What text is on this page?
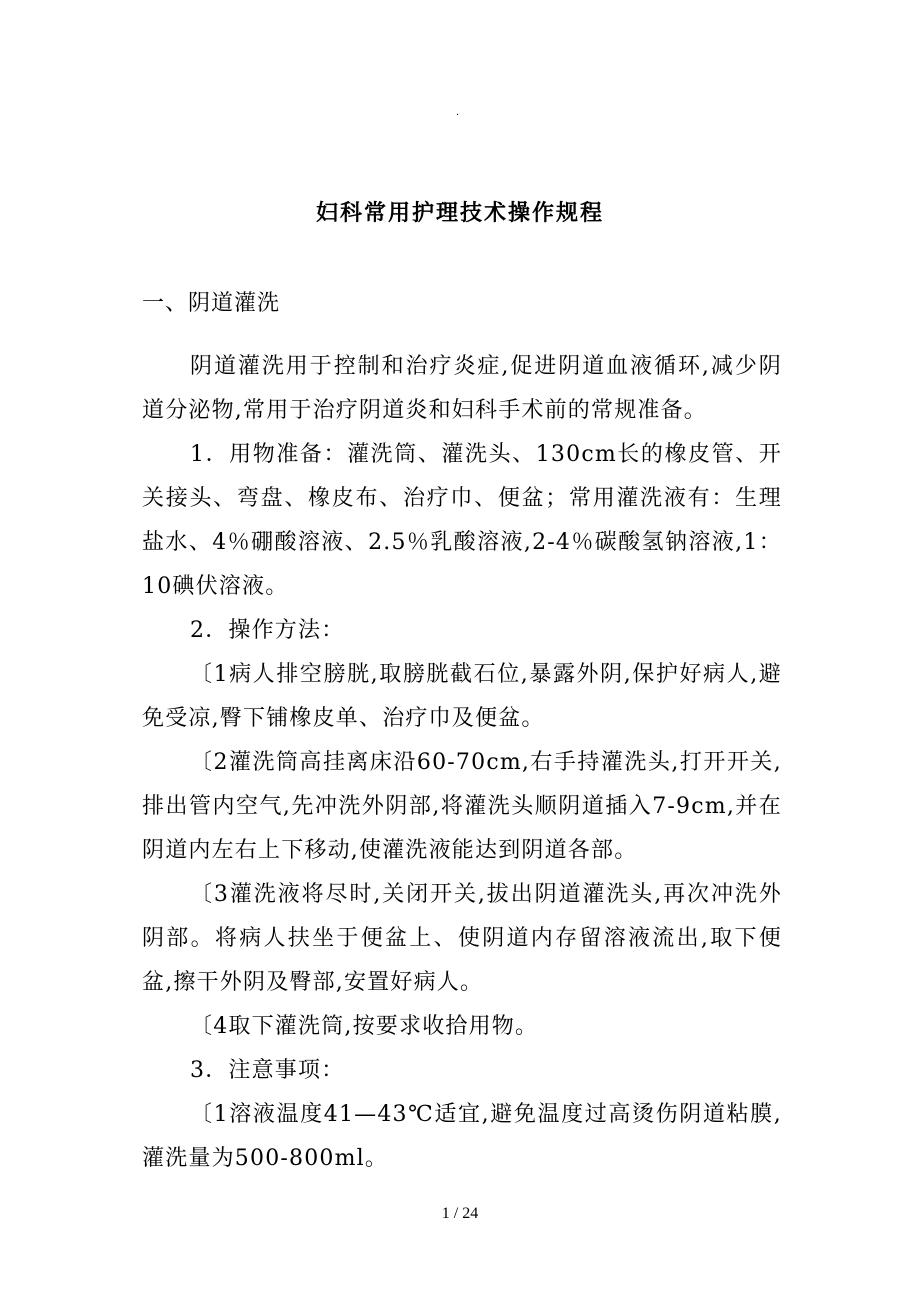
.
妇科常用护理技术操作规程
一、阴道灌洗

阴道灌洗用于控制和治疗炎症,促进阴道血液循环,减少阴道分泌物,常用于治疗阴道炎和妇科手术前的常规准备。

1．用物准备：灌洗筒、灌洗头、130cm长的橡皮管、开关接头、弯盘、橡皮布、治疗巾、便盆；常用灌洗液有：生理盐水、4％硼酸溶液、2.5％乳酸溶液,2-4％碳酸氢钠溶液,1：10碘伏溶液。

2．操作方法：

〔1病人排空膀胱,取膀胱截石位,暴露外阴,保护好病人,避免受凉,臀下铺橡皮单、治疗巾及便盆。

〔2灌洗筒高挂离床沿60-70cm,右手持灌洗头,打开开关,排出管内空气,先冲洗外阴部,将灌洗头顺阴道插入7-9cm,并在阴道内左右上下移动,使灌洗液能达到阴道各部。

〔3灌洗液将尽时,关闭开关,拔出阴道灌洗头,再次冲洗外阴部。将病人扶坐于便盆上、使阴道内存留溶液流出,取下便盆,擦干外阴及臀部,安置好病人。

〔4取下灌洗筒,按要求收拾用物。

3．注意事项：

〔1溶液温度41—43℃适宜,避免温度过高烫伤阴道粘膜,灌洗量为500-800ml。

1 / 24
